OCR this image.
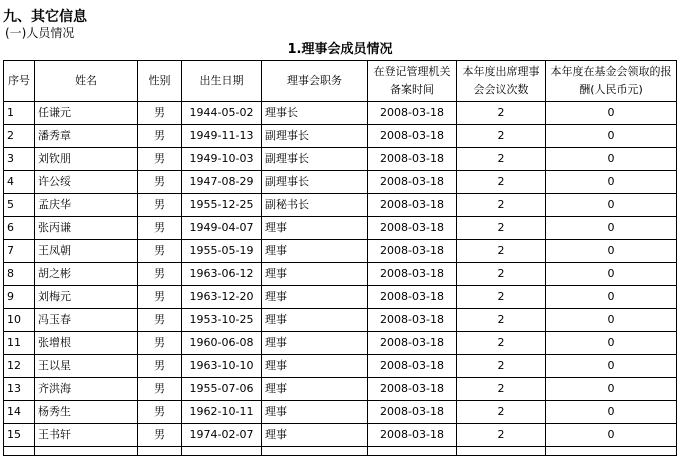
九、其它信息
(一)人员情况
1.理事会成员情况
序号	姓名	性别	出生日期	理事会职务	在登记管理机关备案时间	本年度出席理事会会议次数	本年度在基金会领取的报酬(人民币元)
1	任谦元	男	1944-05-02	理事长	2008-03-18	2	0
2	潘秀章	男	1949-11-13	副理事长	2008-03-18	2	0
3	刘钦朋	男	1949-10-03	副理事长	2008-03-18	2	0
4	许公绥	男	1947-08-29	副理事长	2008-03-18	2	0
5	孟庆华	男	1955-12-25	副秘书长	2008-03-18	2	0
6	张丙谦	男	1949-04-07	理事	2008-03-18	2	0
7	王凤朝	男	1955-05-19	理事	2008-03-18	2	0
8	胡之彬	男	1963-06-12	理事	2008-03-18	2	0
9	刘梅元	男	1963-12-20	理事	2008-03-18	2	0
10	冯玉春	男	1953-10-25	理事	2008-03-18	2	0
11	张增根	男	1960-06-08	理事	2008-03-18	2	0
12	王以星	男	1963-10-10	理事	2008-03-18	2	0
13	齐洪海	男	1955-07-06	理事	2008-03-18	2	0
14	杨秀生	男	1962-10-11	理事	2008-03-18	2	0
15	王书轩	男	1974-02-07	理事	2008-03-18	2	0
